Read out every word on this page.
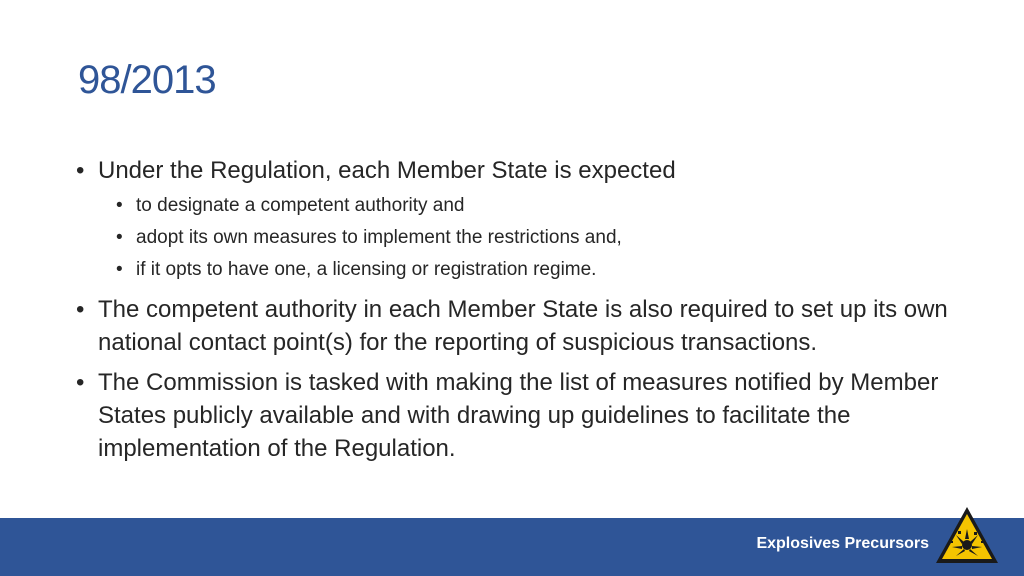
98/2013
• Under the Regulation, each Member State is expected
• to designate a competent authority and
• adopt its own measures to implement the restrictions and,
• if it opts to have one, a licensing or registration regime.
• The competent authority in each Member State is also required to set up its own national contact point(s) for the reporting of suspicious transactions.
• The Commission is tasked with making the list of measures notified by Member States publicly available and with drawing up guidelines to facilitate the implementation of the Regulation.
Explosives Precursors
